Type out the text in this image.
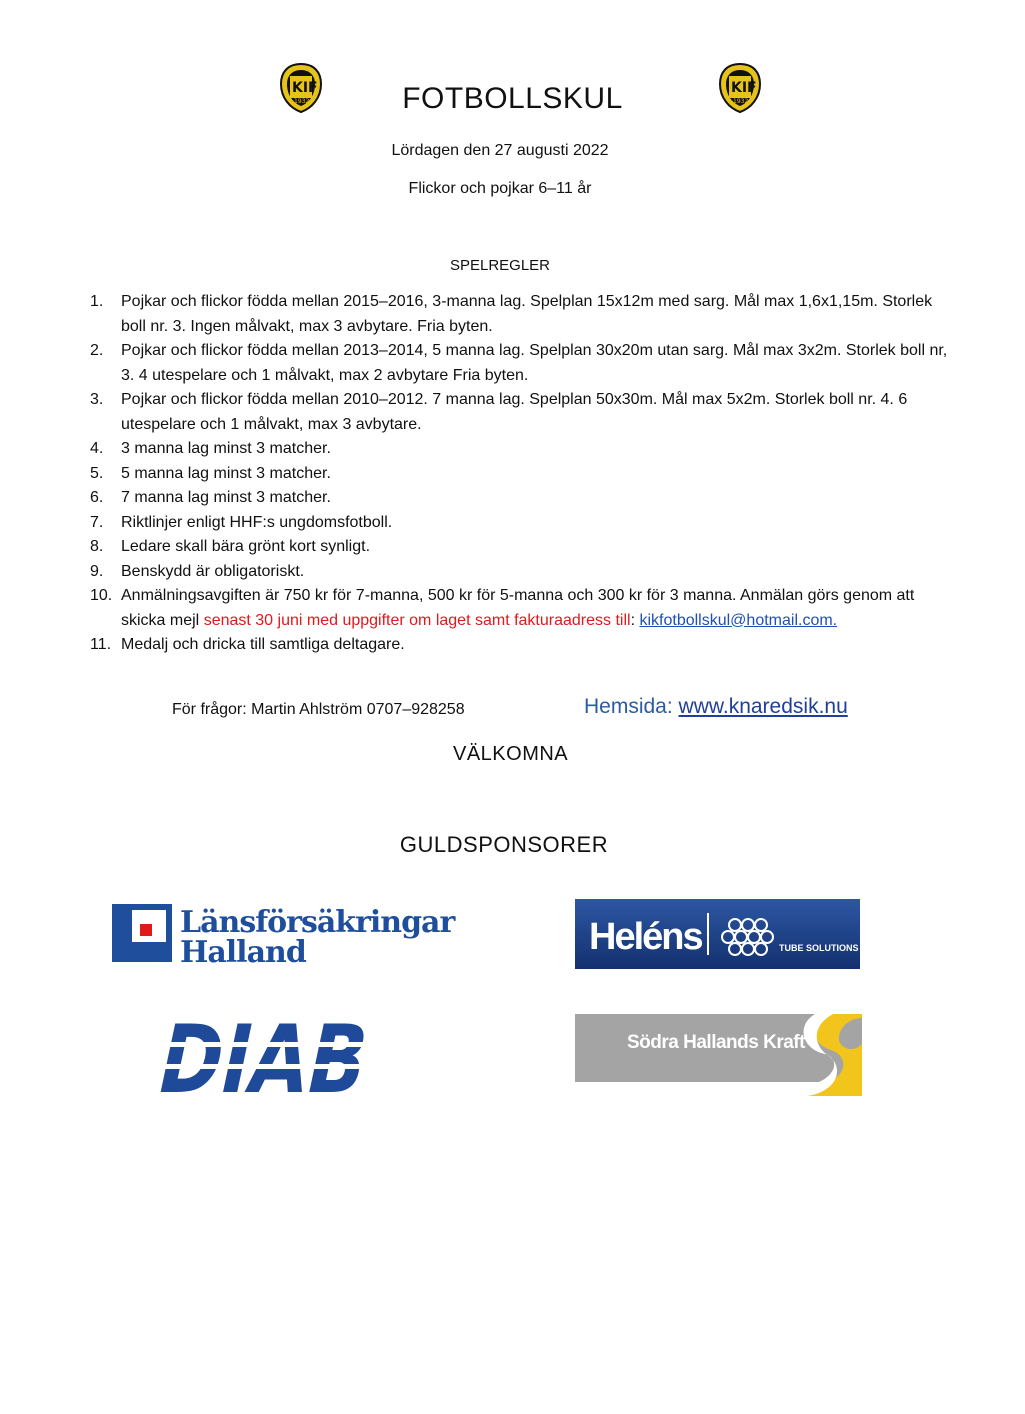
KIF
1932
KIF
1932
FOTBOLLSKUL
Lördagen den 27 augusti 2022
Flickor och pojkar 6–11 år
SPELREGLER
1. Pojkar och flickor födda mellan 2015–2016, 3-manna lag. Spelplan 15x12m med sarg. Mål max 1,6x1,15m. Storlek boll nr. 3. Ingen målvakt, max 3 avbytare. Fria byten.
2. Pojkar och flickor födda mellan 2013–2014, 5 manna lag. Spelplan 30x20m utan sarg. Mål max 3x2m. Storlek boll nr, 3. 4 utespelare och 1 målvakt, max 2 avbytare Fria byten.
3. Pojkar och flickor födda mellan 2010–2012. 7 manna lag. Spelplan 50x30m. Mål max 5x2m. Storlek boll nr. 4. 6 utespelare och 1 målvakt, max 3 avbytare.
4. 3 manna lag minst 3 matcher.
5. 5 manna lag minst 3 matcher.
6. 7 manna lag minst 3 matcher.
7. Riktlinjer enligt HHF:s ungdomsfotboll.
8. Ledare skall bära grönt kort synligt.
9. Benskydd är obligatoriskt.
10. Anmälningsavgiften är 750 kr för 7-manna, 500 kr för 5-manna och 300 kr för 3 manna. Anmälan görs genom att skicka mejl senast 30 juni med uppgifter om laget samt fakturaadress till: kikfotbollskul@hotmail.com.
11. Medalj och dricka till samtliga deltagare.
För frågor: Martin Ahlström 0707–928258	Hemsida: www.knaredsik.nu
VÄLKOMNA
GULDSPONSORER
Länsförsäkringar
Halland	Heléns	TUBE SOLUTIONS
DIAB	Södra Hallands Kraft
